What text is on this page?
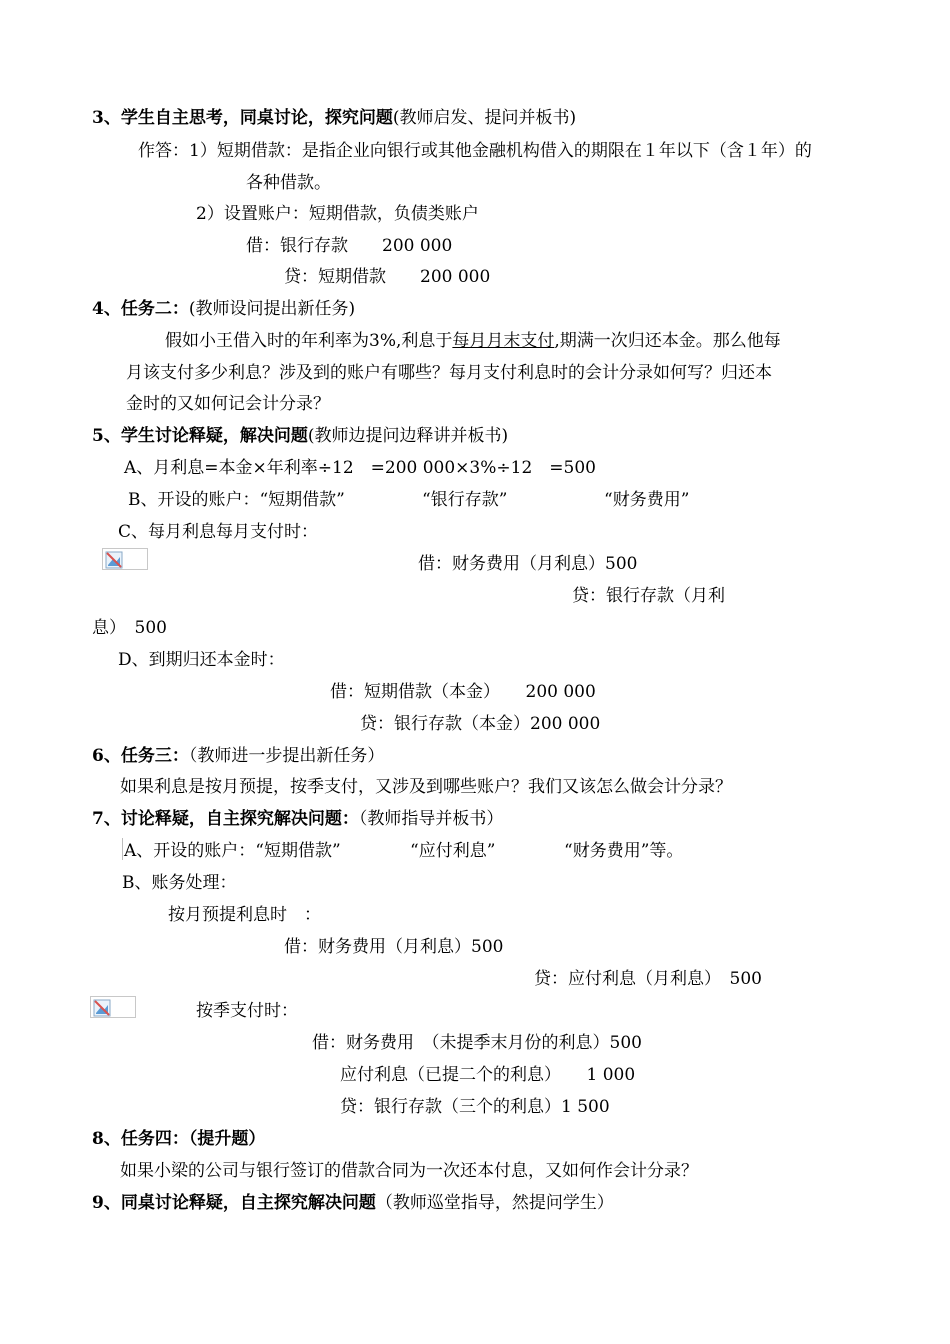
3、学生自主思考，同桌讨论，探究问题(教师启发、提问并板书)
作答：1）短期借款：是指企业向银行或其他金融机构借入的期限在１年以下（含１年）的
各种借款。
2）设置账户：短期借款，负债类账户
借：银行存款　　200 000
贷：短期借款　　200 000
4、任务二：(教师设问提出新任务)
假如小王借入时的年利率为3%,利息于每月月末支付,期满一次归还本金。那么他每
月该支付多少利息？涉及到的账户有哪些？每月支付利息时的会计分录如何写？归还本
金时的又如何记会计分录？
5、学生讨论释疑，解决问题(教师边提问边释讲并板书)
A、月利息=本金×年利率÷12　=200 000×3%÷12　=500
B、开设的账户：“短期借款”	“银行存款”	“财务费用”
C、每月利息每月支付时：
借：财务费用（月利息）500
贷：银行存款（月利
息）　500
D、到期归还本金时：
借：短期借款（本金）　　200 000
贷：银行存款（本金）200 000
6、任务三：（教师进一步提出新任务）
如果利息是按月预提，按季支付，又涉及到哪些账户？我们又该怎么做会计分录？
7、讨论释疑，自主探究解决问题：（教师指导并板书）
A、开设的账户：“短期借款”	“应付利息”	“财务费用”等。
B、账务处理：
按月预提利息时　：
借：财务费用（月利息）500
贷：应付利息（月利息）　500
按季支付时：
借：财务费用　（未提季末月份的利息）500
应付利息（已提二个的利息）　　1 000
贷：银行存款（三个的利息）1 500
8、任务四：（提升题）
如果小梁的公司与银行签订的借款合同为一次还本付息，又如何作会计分录？
9、同桌讨论释疑，自主探究解决问题（教师巡堂指导，然提问学生）
